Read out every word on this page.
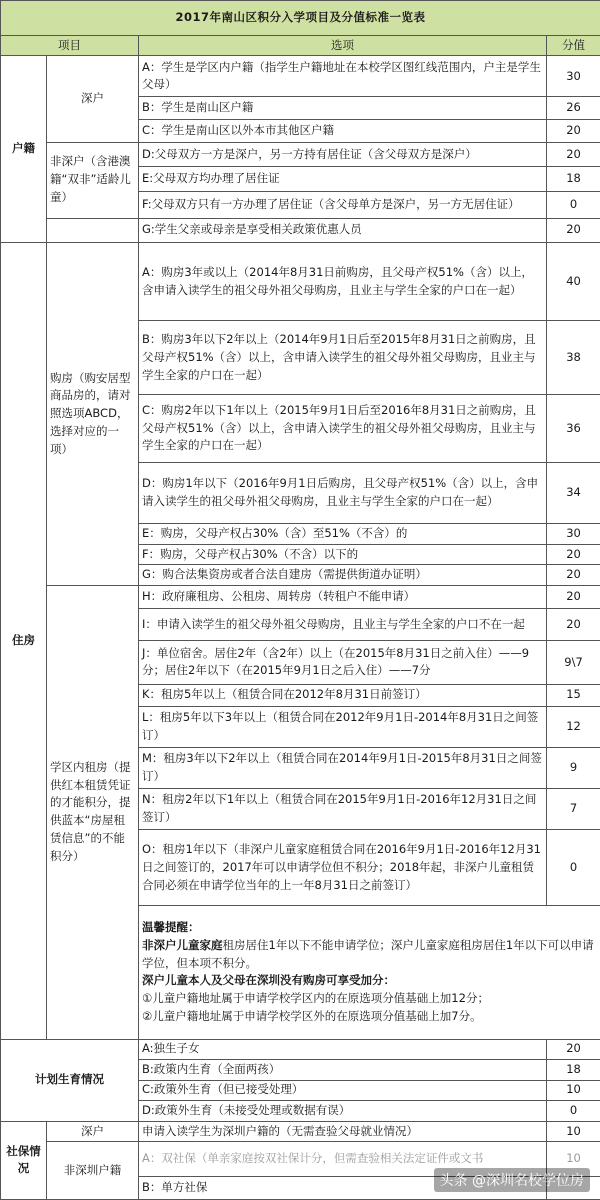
2017年南山区积分入学项目及分值标准一览表			
项目		选项	分值
户籍	深户	A：学生是学区内户籍（指学生户籍地址在本校学区图红线范围内，户主是学生父母）	30
		B：学生是南山区户籍	26
		C：学生是南山区以外本市其他区户籍	20
	非深户（含港澳籍“双非”适龄儿童）	D:父母双方一方是深户，另一方持有居住证（含父母双方是深户）	20
		E:父母双方均办理了居住证	18
		F:父母双方只有一方办理了居住证（含父母单方是深户，另一方无居住证）	0
		G:学生父亲或母亲是享受相关政策优惠人员	20
住房	购房（购安居型商品房的，请对照选项ABCD，选择对应的一项）	A：购房3年或以上（2014年8月31日前购房，且父母产权51%（含）以上，含申请入读学生的祖父母外祖父母购房，且业主与学生全家的户口在一起）	40
		B：购房3年以下2年以上（2014年9月1日后至2015年8月31日之前购房，且父母产权51%（含）以上，含申请入读学生的祖父母外祖父母购房，且业主与学生全家的户口在一起）	38
		C：购房2年以下1年以上（2015年9月1日后至2016年8月31日之前购房，且父母产权51%（含）以上，含申请入读学生的祖父母外祖父母购房，且业主与学生全家的户口在一起）	36
		D：购房1年以下（2016年9月1日后购房，且父母产权51%（含）以上，含申请入读学生的祖父母外祖父母购房，且业主与学生全家的户口在一起）	34
		E：购房，父母产权占30%（含）至51%（不含）的	30
		F：购房，父母产权占30%（不含）以下的	20
		G：购合法集资房或者合法自建房（需提供街道办证明）	20
	学区内租房（提供红本租赁凭证的才能积分，提供蓝本“房屋租赁信息”的不能积分）	H：政府廉租房、公租房、周转房（转租户不能申请）	20
		I：申请入读学生的祖父母外祖父母购房，且业主与学生全家的户口不在一起	20
		J：单位宿舍。居住2年（含2年）以上（在2015年8月31日之前入住）——9分；居住2年以下（在2015年9月1日之后入住）——7分	9\7
		K：租房5年以上（租赁合同在2012年8月31日前签订）	15
		L：租房5年以下3年以上（租赁合同在2012年9月1日-2014年8月31日之间签订）	12
		M：租房3年以下2年以上（租赁合同在2014年9月1日-2015年8月31日之间签订）	9
		N：租房2年以下1年以上（租赁合同在2015年9月1日-2016年12月31日之间签订）	7
		O：租房1年以下（非深户儿童家庭租赁合同在2016年9月1日-2016年12月31日之间签订的，2017年可以申请学位但不积分；2018年起，非深户儿童租赁合同必须在申请学位当年的上一年8月31日之前签订）	0

		温馨提醒：
非深户儿童家庭租房居住1年以下不能申请学位；深户儿童家庭租房居住1年以下可以申请学位，但本项不积分。
深户儿童本人及父母在深圳没有购房可享受加分：
①儿童户籍地址属于申请学校学区内的在原选项分值基础上加12分；
②儿童户籍地址属于申请学校学区外的在原选项分值基础上加7分。	

计划生育情况		A:独生子女	20
		B:政策内生育（全面两孩）	18
		C:政策外生育（但已接受处理）	10
		D:政策外生育（未接受处理或数据有误）	0
社保情况	深户	申请入读学生为深圳户籍的（无需查验父母就业情况）	10
	非深圳户籍	A：双社保（单亲家庭按双社保计分，但需查验相关法定证件或文书	10
		B：单方社保		头条 @深圳名校学位房
